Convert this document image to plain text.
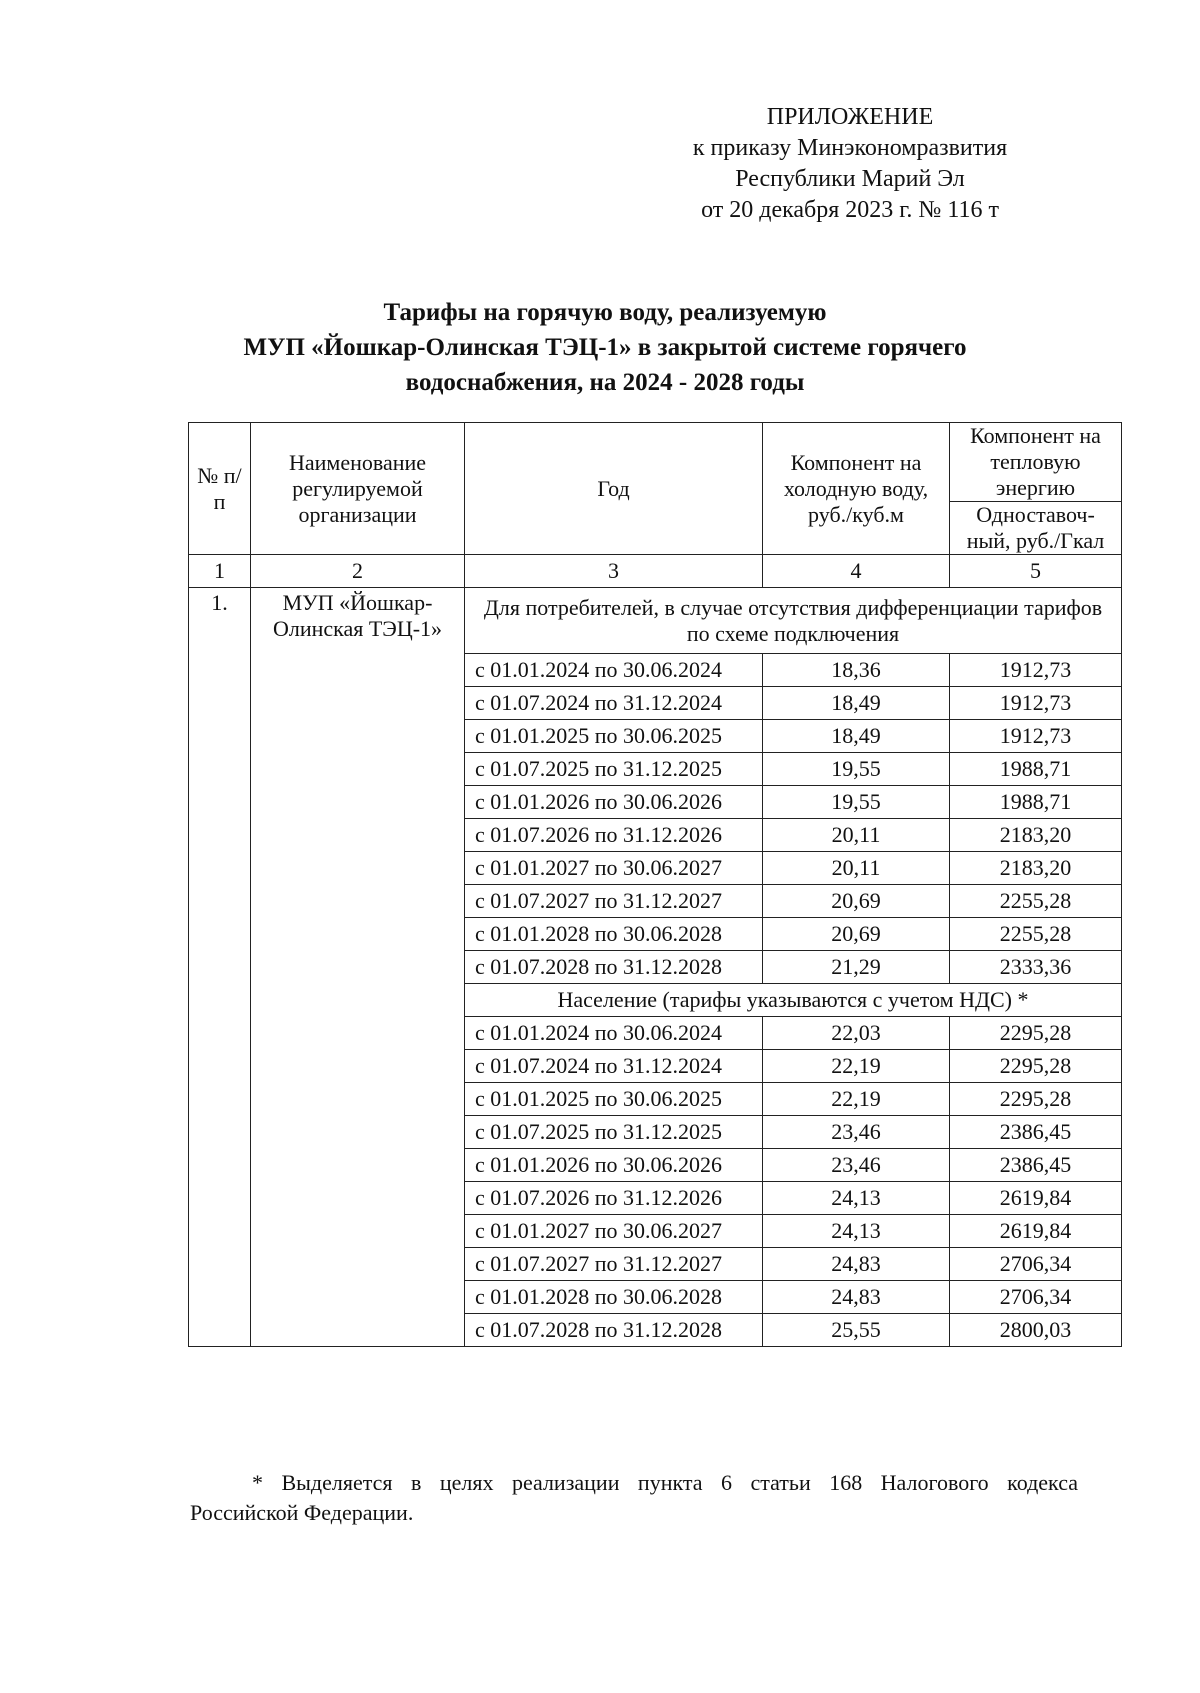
ПРИЛОЖЕНИЕ
к приказу Минэкономразвития
Республики Марий Эл
от 20 декабря 2023 г. № 116 т
Тарифы на горячую воду, реализуемую
МУП «Йошкар-Олинская ТЭЦ-1» в закрытой системе горячего
водоснабжения, на 2024 - 2028 годы
№ п/п	Наименование регулируемой организации	Год	Компонент на холодную воду, руб./куб.м	Компонент на тепловую энергию
				Одноставоч-ный, руб./Гкал
1	2	3	4	5
1.	МУП «Йошкар-Олинская ТЭЦ-1»	Для потребителей, в случае отсутствия дифференциации тарифов по схеме подключения		
		с 01.01.2024 по 30.06.2024	18,36	1912,73
		с 01.07.2024 по 31.12.2024	18,49	1912,73
		с 01.01.2025 по 30.06.2025	18,49	1912,73
		с 01.07.2025 по 31.12.2025	19,55	1988,71
		с 01.01.2026 по 30.06.2026	19,55	1988,71
		с 01.07.2026 по 31.12.2026	20,11	2183,20
		с 01.01.2027 по 30.06.2027	20,11	2183,20
		с 01.07.2027 по 31.12.2027	20,69	2255,28
		с 01.01.2028 по 30.06.2028	20,69	2255,28
		с 01.07.2028 по 31.12.2028	21,29	2333,36
		Население (тарифы указываются с учетом НДС) *		
		с 01.01.2024 по 30.06.2024	22,03	2295,28
		с 01.07.2024 по 31.12.2024	22,19	2295,28
		с 01.01.2025 по 30.06.2025	22,19	2295,28
		с 01.07.2025 по 31.12.2025	23,46	2386,45
		с 01.01.2026 по 30.06.2026	23,46	2386,45
		с 01.07.2026 по 31.12.2026	24,13	2619,84
		с 01.01.2027 по 30.06.2027	24,13	2619,84
		с 01.07.2027 по 31.12.2027	24,83	2706,34
		с 01.01.2028 по 30.06.2028	24,83	2706,34
		с 01.07.2028 по 31.12.2028	25,55	2800,03
* Выделяется в целях реализации пункта 6 статьи 168 Налогового кодекса
Российской Федерации.
